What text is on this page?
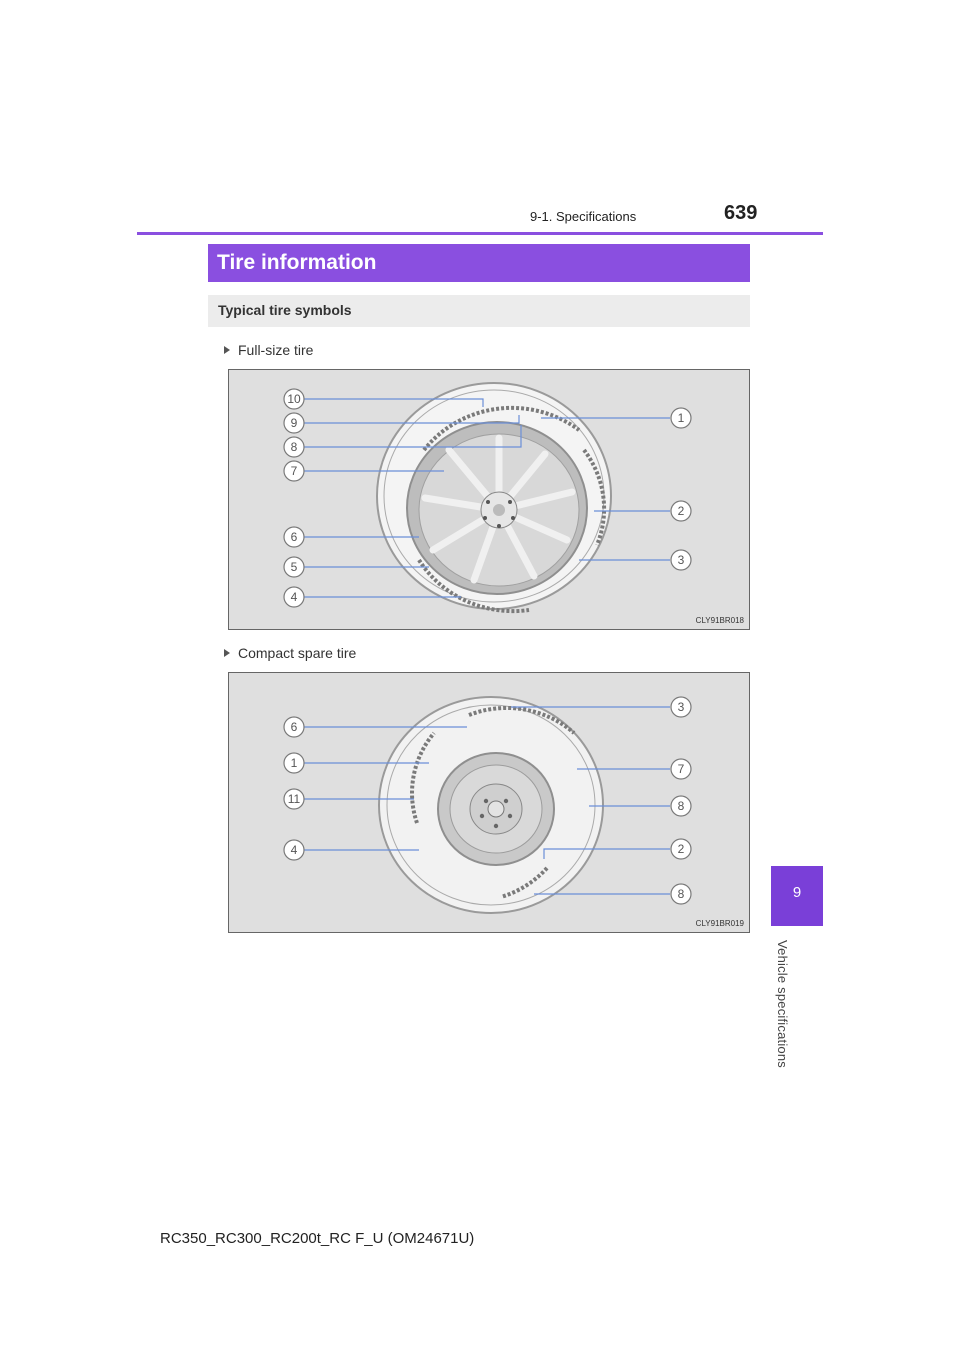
9-1. Specifications	639
9
Vehicle specifications
Tire information
Typical tire symbols
Full-size tire
10
9
8
7
6
5
4
1
2
3
CLY91BR018
Compact spare tire
6
1
11
4
3
7
8
2
8
CLY91BR019
RC350_RC300_RC200t_RC F_U (OM24671U)
